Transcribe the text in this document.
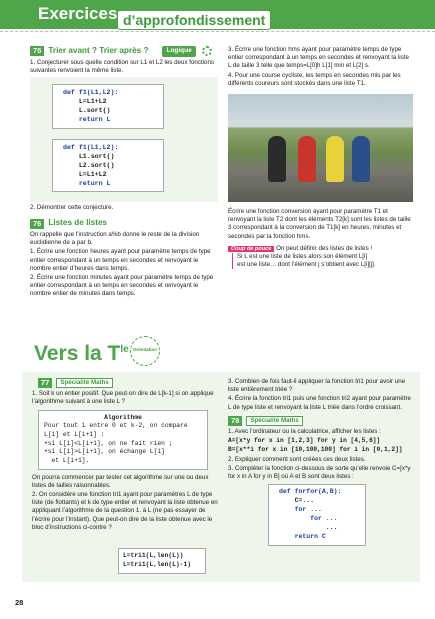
Exercices d’approfondissement
75 Trier avant ? Trier après ?	Logique

1. Conjecturer sous quelle condition sur L1 et L2 les deux fonctions suivantes renvoient la même liste.

def f1(L1,L2):
L=L1+L2
L.sort()
return L
def f1(L1,L2):
L1.sort()
L2.sort()
L=L1+L2
return L

2. Démontrer cette conjecture.

76 Listes de listes

On rappelle que l’instruction a%b donne le reste de la division euclidienne de a par b.

1. Écrire une fonction heures ayant pour paramètre temps de type entier correspondant à un temps en secondes et renvoyant le nombre entier d’heures dans temps.

2. Écrire une fonction minutes ayant pour paramètre temps de type entier correspondant à un temps en secondes et renvoyant le nombre entier de minutes dans temps.

3. Écrire une fonction hms ayant pour paramètre temps de type entier correspondant à un temps en secondes et renvoyant la liste L de taille 3 telle que temps=L[0]h L[1] min et L[2] s.

4. Pour une course cycliste, les temps en secondes mis par les différents coureurs sont stockés dans une liste T1.

Écrire une fonction conversion ayant pour paramètre T1 et renvoyant la liste T2 dont les éléments T2[k] sont les listes de taille 3 correspondant à la conversion de T1[k] en heures, minutes et secondes par la fonction hms.

Coup de pouce On peut définir des listes de listes !
Si L est une liste de listes alors son élément L[i]
est une liste… dont l’élément j s’obtient avec L[i][j].
Vers la $T^{le}$ Orientation
77	Spécialité Maths

1. Soit k un entier positif. Que peut-on dire de L[k-1] si on applique l’algorithme suivant à une liste L ?

Algorithme
Pour tout i entre 0 et k-2, on compare
L[i] et L[i+1] :
•si L[i]<L[i+1], on ne fait rien ;
•si L[i]>L[i+1], on échange L[i]
et L[i+1].

On pourra commencer par tester cet algorithme sur une ou deux listes de tailles raisonnables.

2. On considère une fonction tri1 ayant pour paramètres L de type liste (de flottants) et k de type entier et renvoyant la liste obtenue en appliquant l’algorithme de la question 1. à L (ne pas essayer de l’écrire pour l’instant). Que peut-on dire de la liste obtenue avec le bloc d’instructions ci-contre ?

L=tri1(L,len(L))
L=tri1(L,len(L)-1)

3. Combien de fois faut-il appliquer la fonction tri1 pour avoir une liste entièrement triée ?

4. Écrire la fonction tri1 puis une fonction tri2 ayant pour paramètre L de type liste et renvoyant la liste L triée dans l’ordre croissant.

78	Spécialité Maths

1. Avec l’ordinateur ou la calculatrice, afficher les listes :

A=[x*y for x in [1,2,3] for y in [4,5,6]]

B=[x**i for x in [10,100,100] for i in [0,1,2]]

2. Expliquer comment sont créées ces deux listes.

3. Compléter la fonction ci-dessous de sorte qu’elle renvoie C=[x*y for x in A for y in B] où A et B sont deux listes :

def forfor(A,B):
C=...
for ...
for ...
...
return C
28
